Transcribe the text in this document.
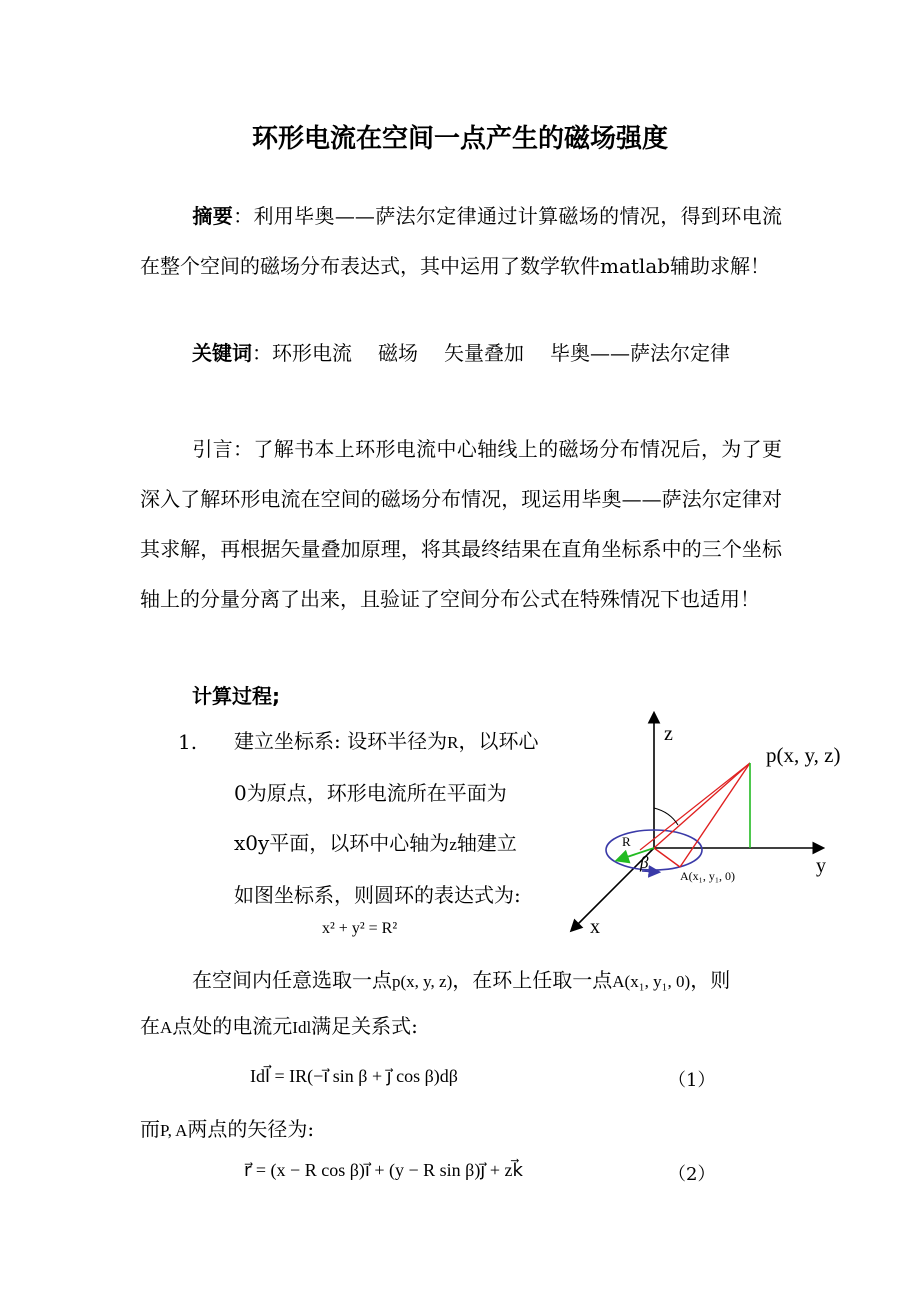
环形电流在空间一点产生的磁场强度
摘要：利用毕奥——萨法尔定律通过计算磁场的情况，得到环电流在整个空间的磁场分布表达式，其中运用了数学软件matlab辅助求解！
关键词：环形电流 磁场 矢量叠加 毕奥——萨法尔定律
引言：了解书本上环形电流中心轴线上的磁场分布情况后，为了更深入了解环形电流在空间的磁场分布情况，现运用毕奥——萨法尔定律对其求解，再根据矢量叠加原理，将其最终结果在直角坐标系中的三个坐标轴上的分量分离了出来，且验证了空间分布公式在特殊情况下也适用！
计算过程;
1. 建立坐标系: 设环半径为R，以环心
0为原点，环形电流所在平面为
x0y平面，以环中心轴为z轴建立
如图坐标系，则圆环的表达式为:
x² + y² = R²
z
y
x
p(x, y, z)
R
β
A(x₁, y₁, 0)
在空间内任意选取一点p(x, y, z)，在环上任取一点A(x₁, y₁, 0)，则
在A点处的电流元Idl满足关系式:
Idl⃗ = IR(−i⃗ sin β + j⃗ cos β)dβ	（1）
而P, A两点的矢径为:
r⃗ = (x − R cos β)i⃗ + (y − R sin β)j⃗ + zk⃗	（2）
